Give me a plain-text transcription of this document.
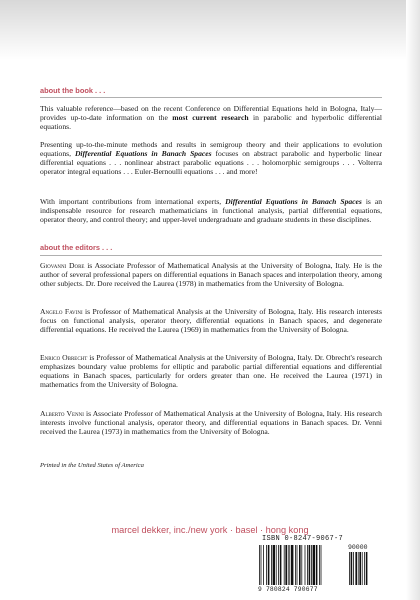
about the book . . .

This valuable reference—based on the recent Conference on Differential Equations held in Bologna, Italy—provides up-to-date information on the most current research in parabolic and hyperbolic differential equations.

Presenting up-to-the-minute methods and results in semigroup theory and their applications to evolution equations, Differential Equations in Banach Spaces focuses on abstract parabolic and hyperbolic linear differential equations . . . nonlinear abstract parabolic equations . . . holomorphic semigroups . . . Volterra operator integral equations . . . Euler-Bernoulli equations . . . and more!

With important contributions from international experts, Differential Equations in Banach Spaces is an indispensable resource for research mathematicians in functional analysis, partial differential equations, operator theory, and control theory; and upper-level undergraduate and graduate students in these disciplines.

about the editors . . .

Giovanni Dore is Associate Professor of Mathematical Analysis at the University of Bologna, Italy. He is the author of several professional papers on differential equations in Banach spaces and interpolation theory, among other subjects. Dr. Dore received the Laurea (1978) in mathematics from the University of Bologna.

Angelo Favini is Professor of Mathematical Analysis at the University of Bologna, Italy. His research interests focus on functional analysis, operator theory, differential equations in Banach spaces, and degenerate differential equations. He received the Laurea (1969) in mathematics from the University of Bologna.

Enrico Obrecht is Professor of Mathematical Analysis at the University of Bologna, Italy. Dr. Obrecht's research emphasizes boundary value problems for elliptic and parabolic partial differential equations and differential equations in Banach spaces, particularly for orders greater than one. He received the Laurea (1971) in mathematics from the University of Bologna.

Alberto Venni is Associate Professor of Mathematical Analysis at the University of Bologna, Italy. His research interests involve functional analysis, operator theory, and differential equations in Banach spaces. Dr. Venni received the Laurea (1973) in mathematics from the University of Bologna.

Printed in the United States of America

marcel dekker, inc./new york · basel · hong kong

ISBN 0-8247-9067-7

90000

9 780824 790677
